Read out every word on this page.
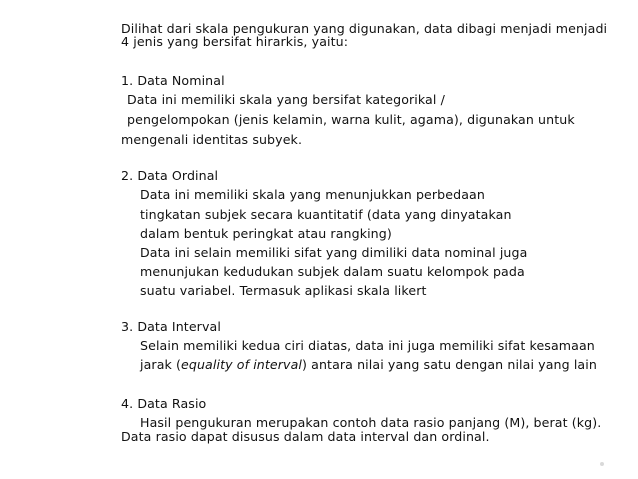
Dilihat dari skala pengukuran yang digunakan, data dibagi menjadi menjadi
4 jenis yang bersifat hirarkis, yaitu:
1. Data Nominal
Data ini memiliki skala yang bersifat kategorikal /
pengelompokan (jenis kelamin, warna kulit, agama), digunakan untuk
mengenali identitas subyek.
2. Data Ordinal
Data ini memiliki skala yang menunjukkan perbedaan
tingkatan subjek secara kuantitatif (data yang dinyatakan
dalam bentuk peringkat atau rangking)
Data ini selain memiliki sifat yang dimiliki data nominal juga
menunjukan kedudukan subjek dalam suatu kelompok pada
suatu variabel. Termasuk aplikasi skala likert
3. Data Interval
Selain memiliki kedua ciri diatas, data ini juga memiliki sifat kesamaan
jarak (equality of interval) antara nilai yang satu dengan nilai yang lain
4. Data Rasio
Hasil pengukuran merupakan contoh data rasio panjang (M), berat (kg).
Data rasio dapat disusus dalam data interval dan ordinal.
